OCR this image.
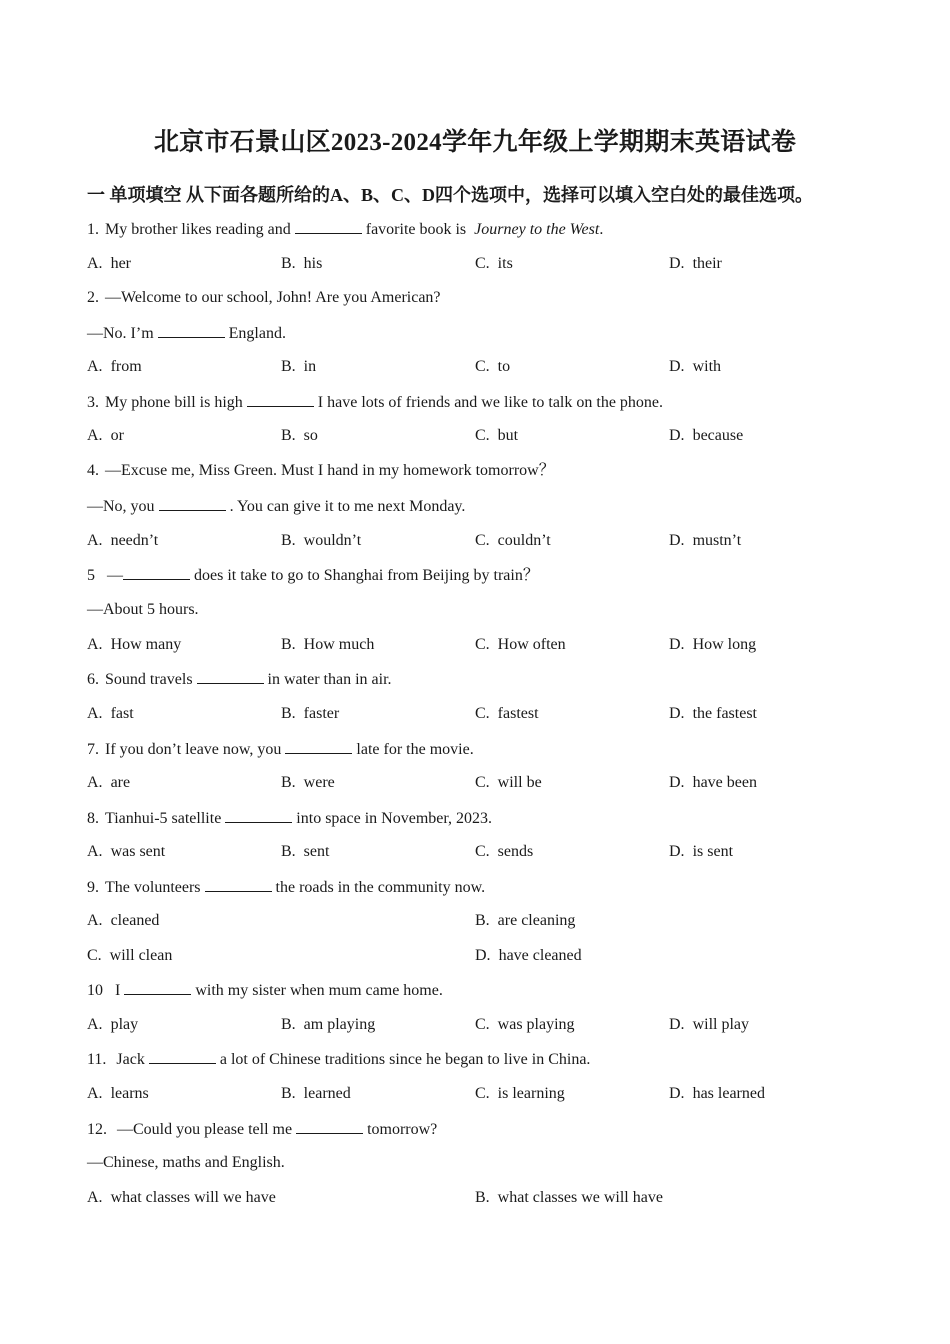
北京市石景山区2023-2024学年九年级上学期期末英语试卷
一 单项填空 从下面各题所给的A、B、C、D四个选项中，选择可以填入空白处的最佳选项。
1. My brother likes reading and	favorite book is Journey to the West.
A. her	B. his	C. its	D. their
2. —Welcome to our school, John! Are you American?
—No. I’m	England.
A. from	B. in	C. to	D. with
3. My phone bill is high	I have lots of friends and we like to talk on the phone.
A. or	B. so	C. but	D. because
4. —Excuse me, Miss Green. Must I hand in my homework tomorrow？
—No, you	. You can give it to me next Monday.
A. needn’t	B. wouldn’t	C. couldn’t	D. mustn’t
5 —	does it take to go to Shanghai from Beijing by train？
—About 5 hours.
A. How many	B. How much	C. How often	D. How long
6. Sound travels	in water than in air.
A. fast	B. faster	C. fastest	D. the fastest
7. If you don’t leave now, you	late for the movie.
A. are	B. were	C. will be	D. have been
8. Tianhui-5 satellite	into space in November, 2023.
A. was sent	B. sent	C. sends	D. is sent
9. The volunteers	the roads in the community now.
A. cleaned	B. are cleaning
C. will clean	D. have cleaned
10 I	with my sister when mum came home.
A. play	B. am playing	C. was playing	D. will play
11. Jack	a lot of Chinese traditions since he began to live in China.
A. learns	B. learned	C. is learning	D. has learned
12. —Could you please tell me	tomorrow?
—Chinese, maths and English.
A. what classes will we have	B. what classes we will have
